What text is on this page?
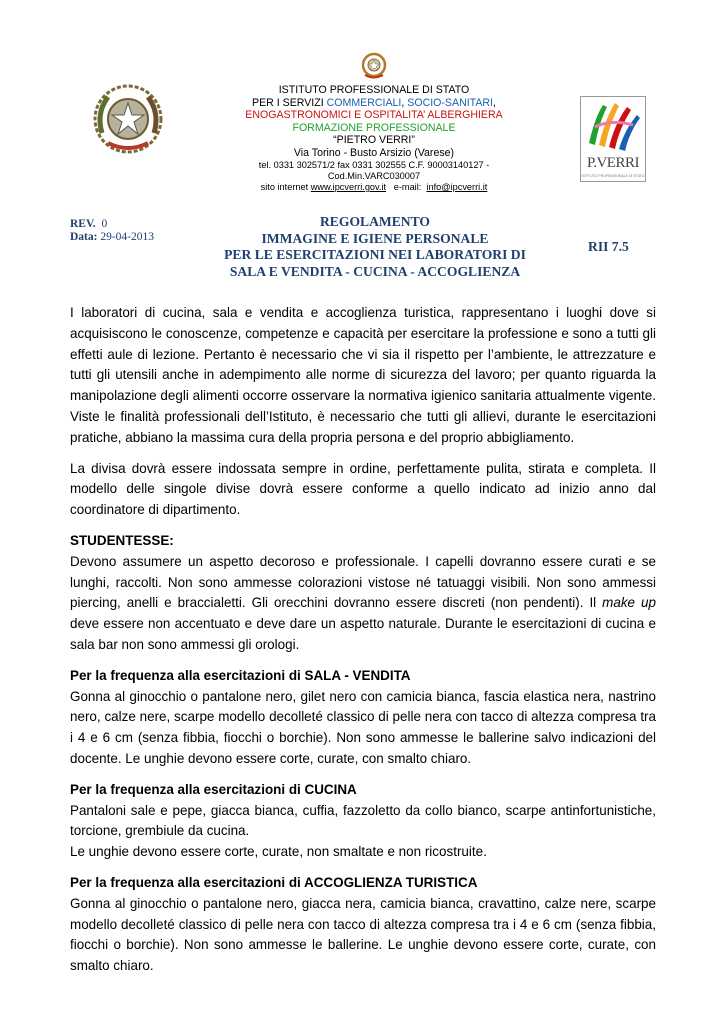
ISTITUTO PROFESSIONALE DI STATO
PER I SERVIZI COMMERCIALI, SOCIO-SANITARI,
ENOGASTRONOMICI E OSPITALITA’ ALBERGHIERA
FORMAZIONE PROFESSIONALE
“PIETRO VERRI”
Via Torino - Busto Arsizio (Varese)
tel. 0331 302571/2 fax 0331 302555 C.F. 90003140127 - Cod.Min.VARC030007
sito internet www.ipcverri.gov.it   e-mail:  info@ipcverri.it
P.VERRI
ISTITUTO PROFESSIONALE DI STATO
REV. 0
Data: 29-04-2013
REGOLAMENTO
IMMAGINE E IGIENE PERSONALE
PER LE ESERCITAZIONI NEI LABORATORI DI
SALA E VENDITA - CUCINA - ACCOGLIENZA
RII 7.5

I laboratori di cucina, sala e vendita e accoglienza turistica, rappresentano i luoghi dove si acquisiscono le conoscenze, competenze e capacità per esercitare la professione e sono a tutti gli effetti aule di lezione. Pertanto è necessario che vi sia il rispetto per l’ambiente, le attrezzature e tutti gli utensili anche in adempimento alle norme di sicurezza del lavoro; per quanto riguarda la manipolazione degli alimenti occorre osservare la normativa igienico sanitaria attualmente vigente. Viste le finalità professionali dell’Istituto, è necessario che tutti gli allievi, durante le esercitazioni pratiche, abbiano la massima cura della propria persona e del proprio abbigliamento.

La divisa dovrà essere indossata sempre in ordine, perfettamente pulita, stirata e completa. Il modello delle singole divise dovrà essere conforme a quello indicato ad inizio anno dal coordinatore di dipartimento.

STUDENTESSE:

Devono assumere un aspetto decoroso e professionale. I capelli dovranno essere curati e se lunghi, raccolti. Non sono ammesse colorazioni vistose né tatuaggi visibili. Non sono ammessi piercing, anelli e braccialetti. Gli orecchini dovranno essere discreti (non pendenti). Il make up deve essere non accentuato e deve dare un aspetto naturale. Durante le esercitazioni di cucina e sala bar non sono ammessi gli orologi.

Per la frequenza alla esercitazioni di SALA - VENDITA

Gonna al ginocchio o pantalone nero, gilet nero con camicia bianca, fascia elastica nera, nastrino nero, calze nere, scarpe modello decolleté classico di pelle nera con tacco di altezza compresa tra i 4 e 6 cm (senza fibbia, fiocchi o borchie). Non sono ammesse le ballerine salvo indicazioni del docente. Le unghie devono essere corte, curate, con smalto chiaro.

Per la frequenza alla esercitazioni di CUCINA

Pantaloni sale e pepe, giacca bianca, cuffia, fazzoletto da collo bianco, scarpe antinfortunistiche, torcione, grembiule da cucina.

Le unghie devono essere corte, curate, non smaltate e non ricostruite.

Per la frequenza alla esercitazioni di ACCOGLIENZA TURISTICA

Gonna al ginocchio o pantalone nero, giacca nera, camicia bianca, cravattino, calze nere, scarpe modello decolleté classico di pelle nera con tacco di altezza compresa tra i 4 e 6 cm (senza fibbia, fiocchi o borchie). Non sono ammesse le ballerine. Le unghie devono essere corte, curate, con smalto chiaro.
